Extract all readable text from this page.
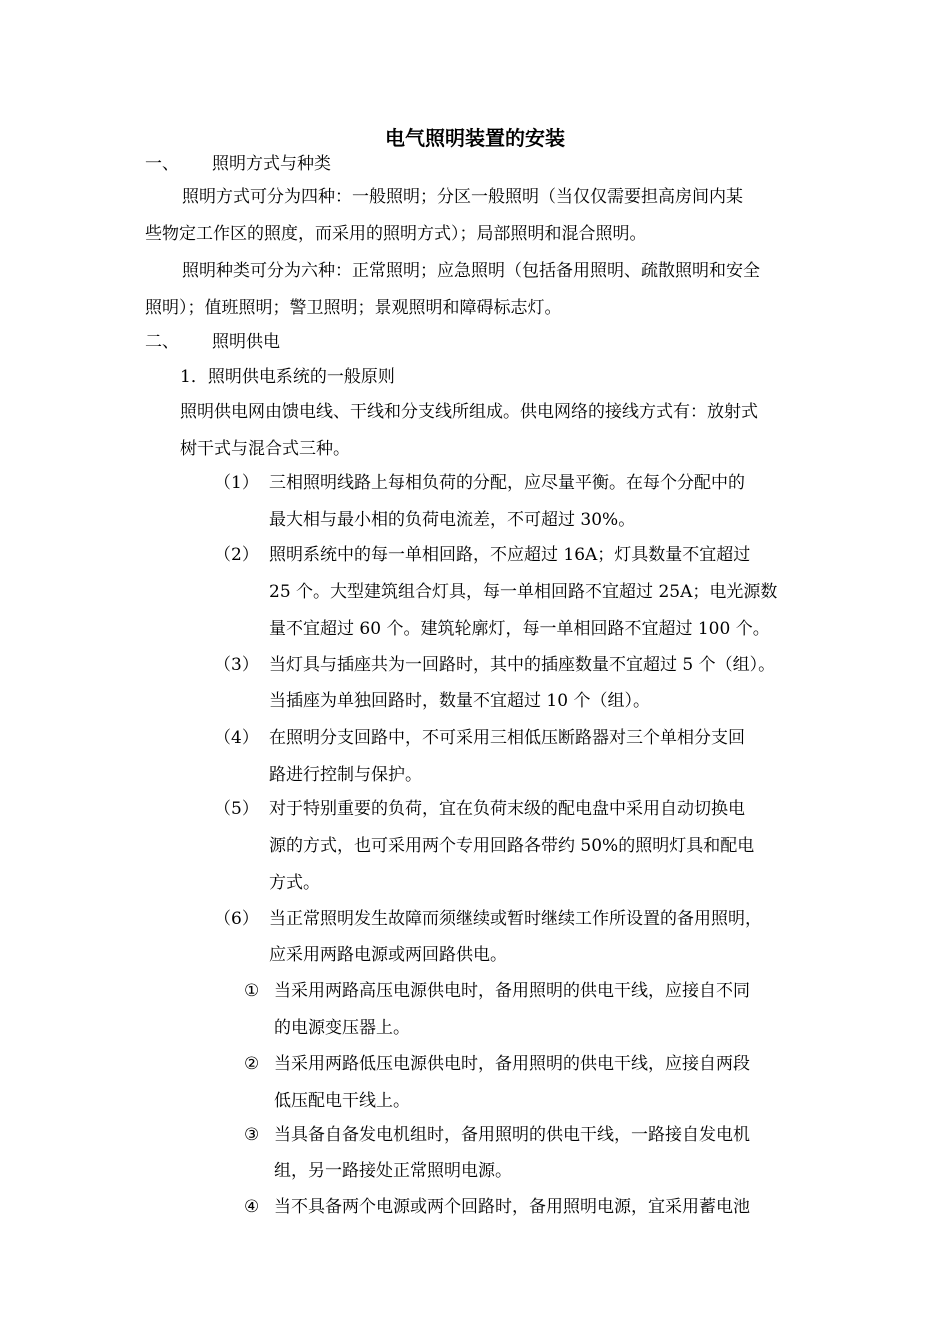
电气照明装置的安装
一、 照明方式与种类
照明方式可分为四种：一般照明；分区一般照明（当仅仅需要担高房间内某
些物定工作区的照度，而采用的照明方式）；局部照明和混合照明。
照明种类可分为六种：正常照明；应急照明（包括备用照明、疏散照明和安全
照明）；值班照明；警卫照明；景观照明和障碍标志灯。
二、 照明供电
1．照明供电系统的一般原则
照明供电网由馈电线、干线和分支线所组成。供电网络的接线方式有：放射式
树干式与混合式三种。
（1） 三相照明线路上每相负荷的分配，应尽量平衡。在每个分配中的
最大相与最小相的负荷电流差，不可超过 30%。
（2） 照明系统中的每一单相回路，不应超过 16A；灯具数量不宜超过
25 个。大型建筑组合灯具，每一单相回路不宜超过 25A；电光源数
量不宜超过 60 个。建筑轮廓灯，每一单相回路不宜超过 100 个。
（3） 当灯具与插座共为一回路时，其中的插座数量不宜超过 5 个（组）。
当插座为单独回路时，数量不宜超过 10 个（组）。
（4） 在照明分支回路中，不可采用三相低压断路器对三个单相分支回
路进行控制与保护。
（5） 对于特别重要的负荷，宜在负荷末级的配电盘中采用自动切换电
源的方式，也可采用两个专用回路各带约 50%的照明灯具和配电
方式。
（6） 当正常照明发生故障而须继续或暂时继续工作所设置的备用照明，
应采用两路电源或两回路供电。
① 当采用两路高压电源供电时，备用照明的供电干线，应接自不同
的电源变压器上。
② 当采用两路低压电源供电时，备用照明的供电干线，应接自两段
低压配电干线上。
③ 当具备自备发电机组时，备用照明的供电干线，一路接自发电机
组，另一路接处正常照明电源。
④ 当不具备两个电源或两个回路时，备用照明电源，宜采用蓄电池
